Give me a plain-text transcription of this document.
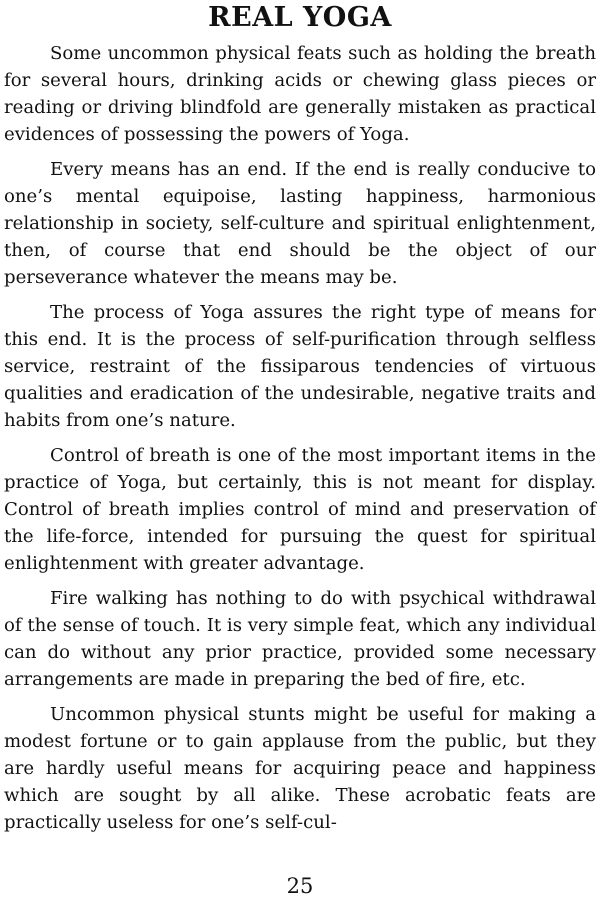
REAL YOGA

Some uncommon physical feats such as holding the breath for several hours, drinking acids or chewing glass pieces or reading or driving blindfold are generally mistaken as practical evidences of possessing the powers of Yoga.

Every means has an end. If the end is really conducive to one’s mental equipoise, lasting happiness, harmonious relationship in society, self-culture and spiritual enlightenment, then, of course that end should be the object of our perseverance whatever the means may be.

The process of Yoga assures the right type of means for this end. It is the process of self-purification through selfless service, restraint of the fissiparous tendencies of virtuous qualities and eradication of the undesirable, negative traits and habits from one’s nature.

Control of breath is one of the most important items in the practice of Yoga, but certainly, this is not meant for display. Control of breath implies control of mind and preservation of the life-force, intended for pursuing the quest for spiritual enlightenment with greater advantage.

Fire walking has nothing to do with psychical withdrawal of the sense of touch. It is very simple feat, which any individual can do without any prior practice, provided some necessary arrangements are made in preparing the bed of fire, etc.

Uncommon physical stunts might be useful for making a modest fortune or to gain applause from the public, but they are hardly useful means for acquiring peace and happiness which are sought by all alike. These acrobatic feats are practically useless for one’s self-cul-

25
